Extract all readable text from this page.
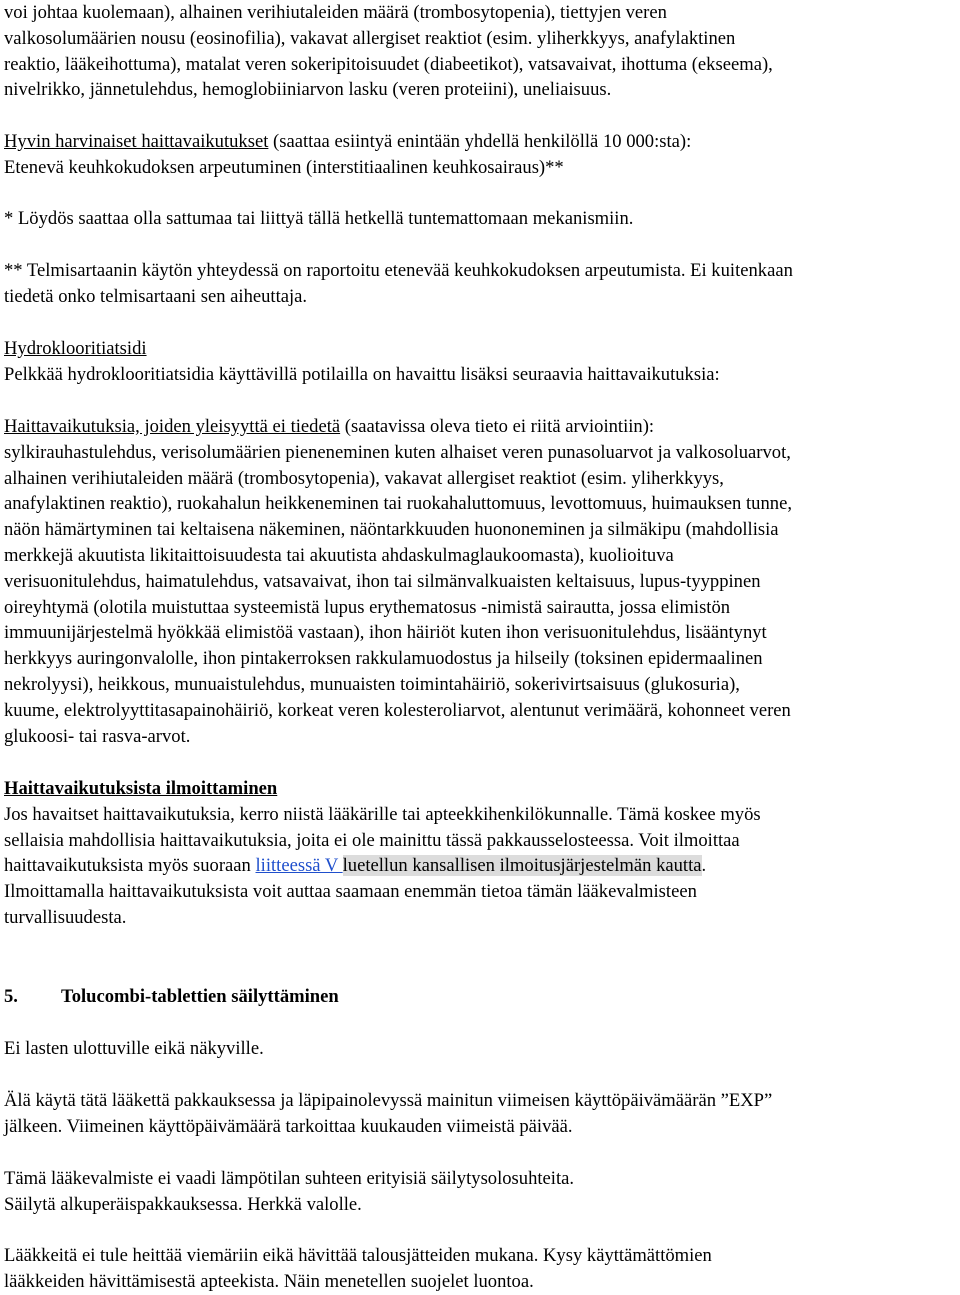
voi johtaa kuolemaan), alhainen verihiutaleiden määrä (trombosytopenia), tiettyjen veren
valkosolumäärien nousu (eosinofilia), vakavat allergiset reaktiot (esim. yliherkkyys, anafylaktinen
reaktio, lääkeihottuma), matalat veren sokeripitoisuudet (diabeetikot), vatsavaivat, ihottuma (ekseema),
nivelrikko, jännetulehdus, hemoglobiiniarvon lasku (veren proteiini), uneliaisuus.
Hyvin harvinaiset haittavaikutukset (saattaa esiintyä enintään yhdellä henkilöllä 10 000:sta):
Etenevä keuhkokudoksen arpeutuminen (interstitiaalinen keuhkosairaus)**
* Löydös saattaa olla sattumaa tai liittyä tällä hetkellä tuntemattomaan mekanismiin.
** Telmisartaanin käytön yhteydessä on raportoitu etenevää keuhkokudoksen arpeutumista. Ei kuitenkaan
tiedetä onko telmisartaani sen aiheuttaja.
Hydroklooritiatsidi
Pelkkää hydroklooritiatsidia käyttävillä potilailla on havaittu lisäksi seuraavia haittavaikutuksia:
Haittavaikutuksia, joiden yleisyyttä ei tiedetä (saatavissa oleva tieto ei riitä arviointiin):
sylkirauhastulehdus, verisolumäärien pieneneminen kuten alhaiset veren punasoluarvot ja valkosoluarvot,
alhainen verihiutaleiden määrä (trombosytopenia), vakavat allergiset reaktiot (esim. yliherkkyys,
anafylaktinen reaktio), ruokahalun heikkeneminen tai ruokahaluttomuus, levottomuus, huimauksen tunne,
näön hämärtyminen tai keltaisena näkeminen, näöntarkkuuden huononeminen ja silmäkipu (mahdollisia
merkkejä akuutista likitaittoisuudesta tai akuutista ahdaskulmaglaukoomasta), kuolioituva
verisuonitulehdus, haimatulehdus, vatsavaivat, ihon tai silmänvalkuaisten keltaisuus, lupus-tyyppinen
oireyhtymä (olotila muistuttaa systeemistä lupus erythematosus -nimistä sairautta, jossa elimistön
immuunijärjestelmä hyökkää elimistöä vastaan), ihon häiriöt kuten ihon verisuonitulehdus, lisääntynyt
herkkyys auringonvalolle, ihon pintakerroksen rakkulamuodostus ja hilseily (toksinen epidermaalinen
nekrolyysi), heikkous, munuaistulehdus, munuaisten toimintahäiriö, sokerivirtsaisuus (glukosuria),
kuume, elektrolyyttitasapainohäiriö, korkeat veren kolesteroliarvot, alentunut verimäärä, kohonneet veren
glukoosi- tai rasva-arvot.
Haittavaikutuksista ilmoittaminen
Jos havaitset haittavaikutuksia, kerro niistä lääkärille tai apteekkihenkilökunnalle. Tämä koskee myös
sellaisia mahdollisia haittavaikutuksia, joita ei ole mainittu tässä pakkausselosteessa. Voit ilmoittaa
haittavaikutuksista myös suoraan liitteessä V luetellun kansallisen ilmoitusjärjestelmän kautta.
Ilmoittamalla haittavaikutuksista voit auttaa saamaan enemmän tietoa tämän lääkevalmisteen
turvallisuudesta.
5. Tolucombi-tablettien säilyttäminen
Ei lasten ulottuville eikä näkyville.
Älä käytä tätä lääkettä pakkauksessa ja läpipainolevyssä mainitun viimeisen käyttöpäivämäärän ”EXP”
jälkeen. Viimeinen käyttöpäivämäärä tarkoittaa kuukauden viimeistä päivää.
Tämä lääkevalmiste ei vaadi lämpötilan suhteen erityisiä säilytysolosuhteita.
Säilytä alkuperäispakkauksessa. Herkkä valolle.
Lääkkeitä ei tule heittää viemäriin eikä hävittää talousjätteiden mukana. Kysy käyttämättömien
lääkkeiden hävittämisestä apteekista. Näin menetellen suojelet luontoa.
